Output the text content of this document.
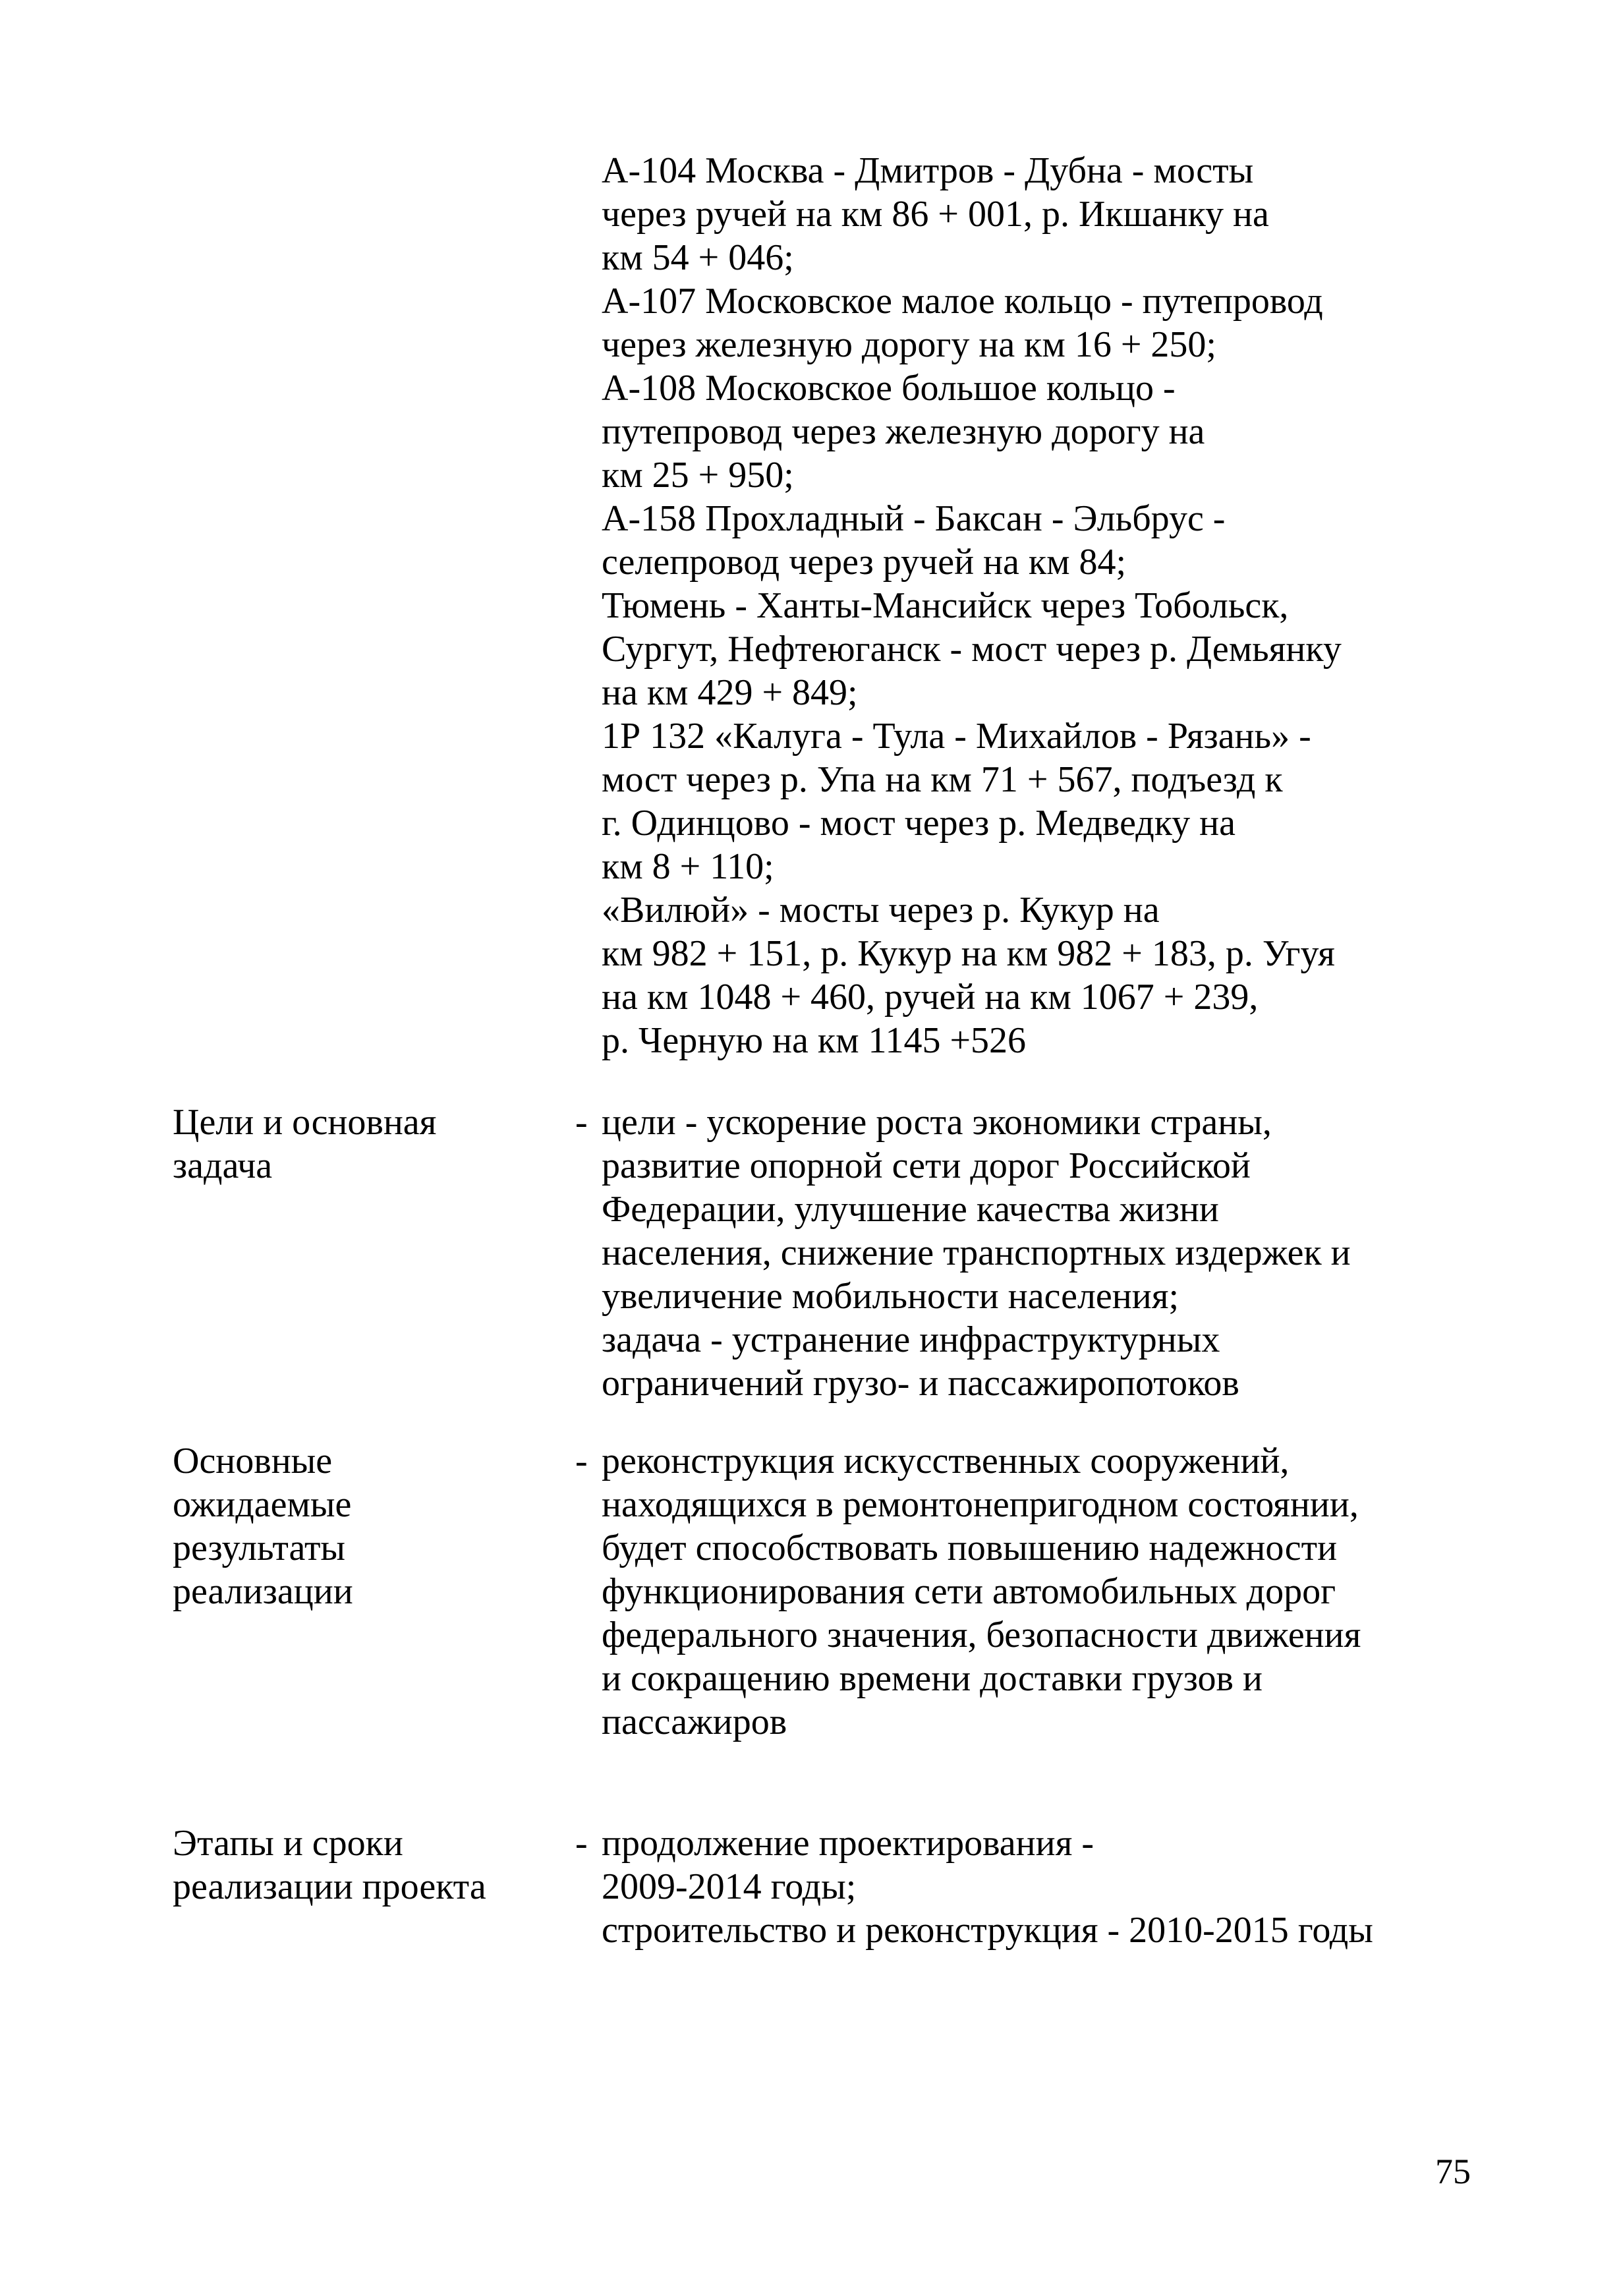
А-104 Москва - Дмитров - Дубна - мосты

через ручей на км 86 + 001, р. Икшанку на

км 54 + 046;

А-107 Московское малое кольцо - путепровод

через железную дорогу на км 16 + 250;

А-108 Московское большое кольцо -

путепровод через железную дорогу на

км 25 + 950;

А-158 Прохладный - Баксан - Эльбрус -

селепровод через ручей на км 84;

Тюмень - Ханты-Мансийск через Тобольск,

Сургут, Нефтеюганск - мост через р. Демьянку

на км 429 + 849;

1Р 132 «Калуга - Тула - Михайлов - Рязань» -

мост через р. Упа на км 71 + 567, подъезд к

г. Одинцово - мост через р. Медведку на

км 8 + 110;

«Вилюй» - мосты через р. Кукур на

км 982 + 151, р. Кукур на км 982 + 183, р. Угуя

на км 1048 + 460, ручей на км 1067 + 239,

р. Черную на км 1145 +526

Цели и основная

задача

- цели - ускорение роста экономики страны,

развитие опорной сети дорог Российской

Федерации, улучшение качества жизни

населения, снижение транспортных издержек и

увеличение мобильности населения;

задача - устранение инфраструктурных

ограничений грузо- и пассажиропотоков

Основные

ожидаемые

результаты

реализации

- реконструкция искусственных сооружений,

находящихся в ремонтонепригодном состоянии,

будет способствовать повышению надежности

функционирования сети автомобильных дорог

федерального значения, безопасности движения

и сокращению времени доставки грузов и

пассажиров

Этапы и сроки

реализации проекта

- продолжение проектирования -

2009-2014 годы;

строительство и реконструкция - 2010-2015 годы

75
